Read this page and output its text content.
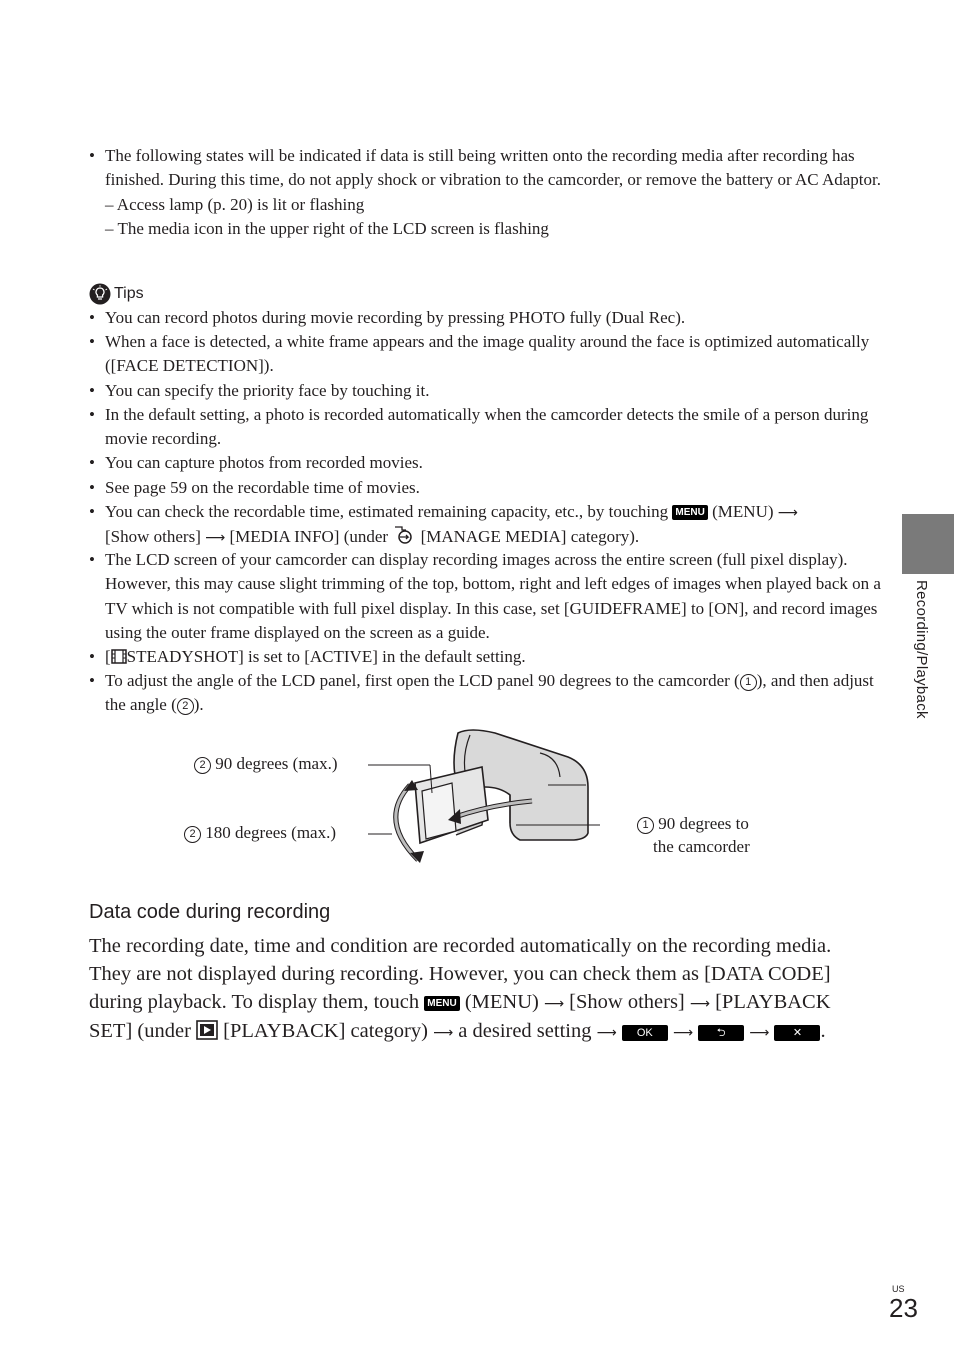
• The following states will be indicated if data is still being written onto the recording media after recording has finished. During this time, do not apply shock or vibration to the camcorder, or remove the battery or AC Adaptor.
– Access lamp (p. 20) is lit or flashing
– The media icon in the upper right of the LCD screen is flashing
Tips
• You can record photos during movie recording by pressing PHOTO fully (Dual Rec).
• When a face is detected, a white frame appears and the image quality around the face is optimized automatically ([FACE DETECTION]).
• You can specify the priority face by touching it.
• In the default setting, a photo is recorded automatically when the camcorder detects the smile of a person during movie recording.
• You can capture photos from recorded movies.
• See page 59 on the recordable time of movies.
• You can check the recordable time, estimated remaining capacity, etc., by touching MENU (MENU) ⟶
[Show others] ⟶ [MEDIA INFO] (under [MANAGE MEDIA] category).
• The LCD screen of your camcorder can display recording images across the entire screen (full pixel display). However, this may cause slight trimming of the top, bottom, right and left edges of images when played back on a TV which is not compatible with full pixel display. In this case, set [GUIDEFRAME] to [ON], and record images using the outer frame displayed on the screen as a guide.
• [ STEADYSHOT] is set to [ACTIVE] in the default setting.
• To adjust the angle of the LCD panel, first open the LCD panel 90 degrees to the camcorder ( 1 ), and then adjust the angle ( 2 ).
2 90 degrees (max.)
2 180 degrees (max.)	1 90 degrees to
the camcorder
Data code during recording
The recording date, time and condition are recorded automatically on the recording media. They are not displayed during recording. However, you can check them as [DATA CODE] during playback. To display them, touch MENU (MENU) ⟶ [Show others] ⟶ [PLAYBACK SET] (under [PLAYBACK] category) ⟶ a desired setting ⟶ OK ⟶ ⮌ ⟶ ✕ .
Recording/Playback
US
23
